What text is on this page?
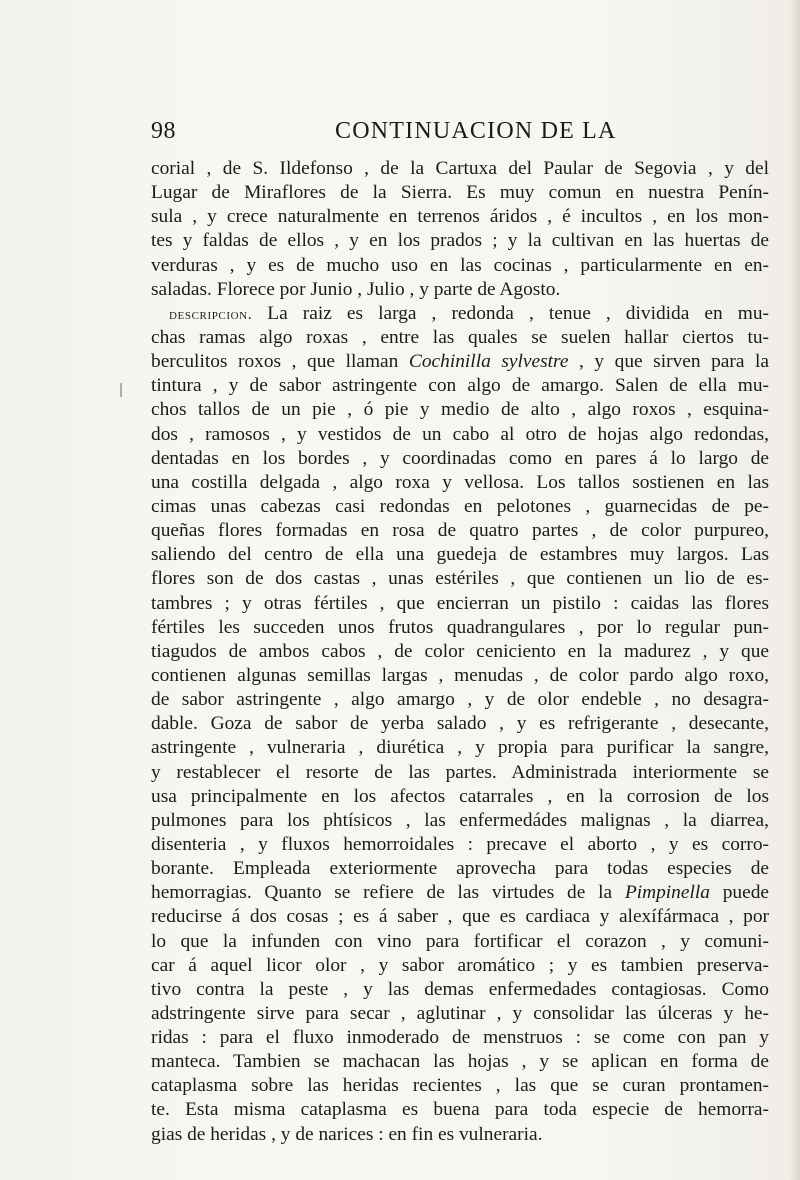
98	CONTINUACION DE LA
corial , de S. Ildefonso , de la Cartuxa del Paular de Segovia , y del
Lugar de Miraflores de la Sierra. Es muy comun en nuestra Penín-
sula , y crece naturalmente en terrenos áridos , é incultos , en los mon-
tes y faldas de ellos , y en los prados ; y la cultivan en las huertas de
verduras , y es de mucho uso en las cocinas , particularmente en en-
saladas. Florece por Junio , Julio , y parte de Agosto.
descripcion. La raiz es larga , redonda , tenue , dividida en mu-
chas ramas algo roxas , entre las quales se suelen hallar ciertos tu-
berculitos roxos , que llaman Cochinilla sylvestre , y que sirven para la
tintura , y de sabor astringente con algo de amargo. Salen de ella mu-
chos tallos de un pie , ó pie y medio de alto , algo roxos , esquina-
dos , ramosos , y vestidos de un cabo al otro de hojas algo redondas,
dentadas en los bordes , y coordinadas como en pares á lo largo de
una costilla delgada , algo roxa y vellosa. Los tallos sostienen en las
cimas unas cabezas casi redondas en pelotones , guarnecidas de pe-
queñas flores formadas en rosa de quatro partes , de color purpureo,
saliendo del centro de ella una guedeja de estambres muy largos. Las
flores son de dos castas , unas estériles , que contienen un lio de es-
tambres ; y otras fértiles , que encierran un pistilo : caidas las flores
fértiles les succeden unos frutos quadrangulares , por lo regular pun-
tiagudos de ambos cabos , de color ceniciento en la madurez , y que
contienen algunas semillas largas , menudas , de color pardo algo roxo,
de sabor astringente , algo amargo , y de olor endeble , no desagra-
dable. Goza de sabor de yerba salado , y es refrigerante , desecante,
astringente , vulneraria , diurética , y propia para purificar la sangre,
y restablecer el resorte de las partes. Administrada interiormente se
usa principalmente en los afectos catarrales , en la corrosion de los
pulmones para los phtísicos , las enfermedádes malignas , la diarrea,
disenteria , y fluxos hemorroidales : precave el aborto , y es corro-
borante. Empleada exteriormente aprovecha para todas especies de
hemorragias. Quanto se refiere de las virtudes de la Pimpinella puede
reducirse á dos cosas ; es á saber , que es cardiaca y alexífármaca , por
lo que la infunden con vino para fortificar el corazon , y comuni-
car á aquel licor olor , y sabor aromático ; y es tambien preserva-
tivo contra la peste , y las demas enfermedades contagiosas. Como
adstringente sirve para secar , aglutinar , y consolidar las úlceras y he-
ridas : para el fluxo inmoderado de menstruos : se come con pan y
manteca. Tambien se machacan las hojas , y se aplican en forma de
cataplasma sobre las heridas recientes , las que se curan prontamen-
te. Esta misma cataplasma es buena para toda especie de hemorra-
gias de heridas , y de narices : en fin es vulneraria.
